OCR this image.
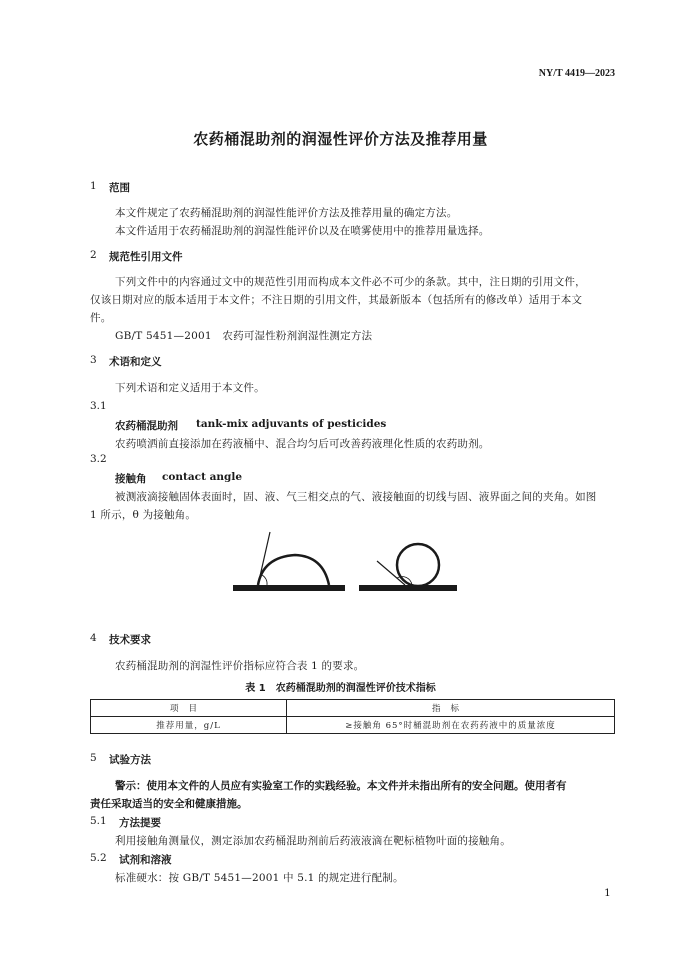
NY/T 4419—2023
农药桶混助剂的润湿性评价方法及推荐用量
1 范围
本文件规定了农药桶混助剂的润湿性能评价方法及推荐用量的确定方法。
本文件适用于农药桶混助剂的润湿性能评价以及在喷雾使用中的推荐用量选择。
2 规范性引用文件
下列文件中的内容通过文中的规范性引用而构成本文件必不可少的条款。其中，注日期的引用文件，
仅该日期对应的版本适用于本文件；不注日期的引用文件，其最新版本（包括所有的修改单）适用于本文
件。
GB/T 5451—2001　农药可湿性粉剂润湿性测定方法
3 术语和定义
下列术语和定义适用于本文件。
3.1
农药桶混助剂 tank-mix adjuvants of pesticides
农药喷洒前直接添加在药液桶中、混合均匀后可改善药液理化性质的农药助剂。
3.2
接触角 contact angle
被测液滴接触固体表面时，固、液、气三相交点的气、液接触面的切线与固、液界面之间的夹角。如图
1 所示，θ 为接触角。
4 技术要求
农药桶混助剂的润湿性评价指标应符合表 1 的要求。
表 1　农药桶混助剂的润湿性评价技术指标
项目	指标
推荐用量，g/L	≥接触角 65°时桶混助剂在农药药液中的质量浓度
5 试验方法
警示：使用本文件的人员应有实验室工作的实践经验。本文件并未指出所有的安全问题。使用者有
责任采取适当的安全和健康措施。
5.1 方法提要
利用接触角测量仪，测定添加农药桶混助剂前后药液液滴在靶标植物叶面的接触角。
5.2 试剂和溶液
标准硬水：按 GB/T 5451—2001 中 5.1 的规定进行配制。
1
